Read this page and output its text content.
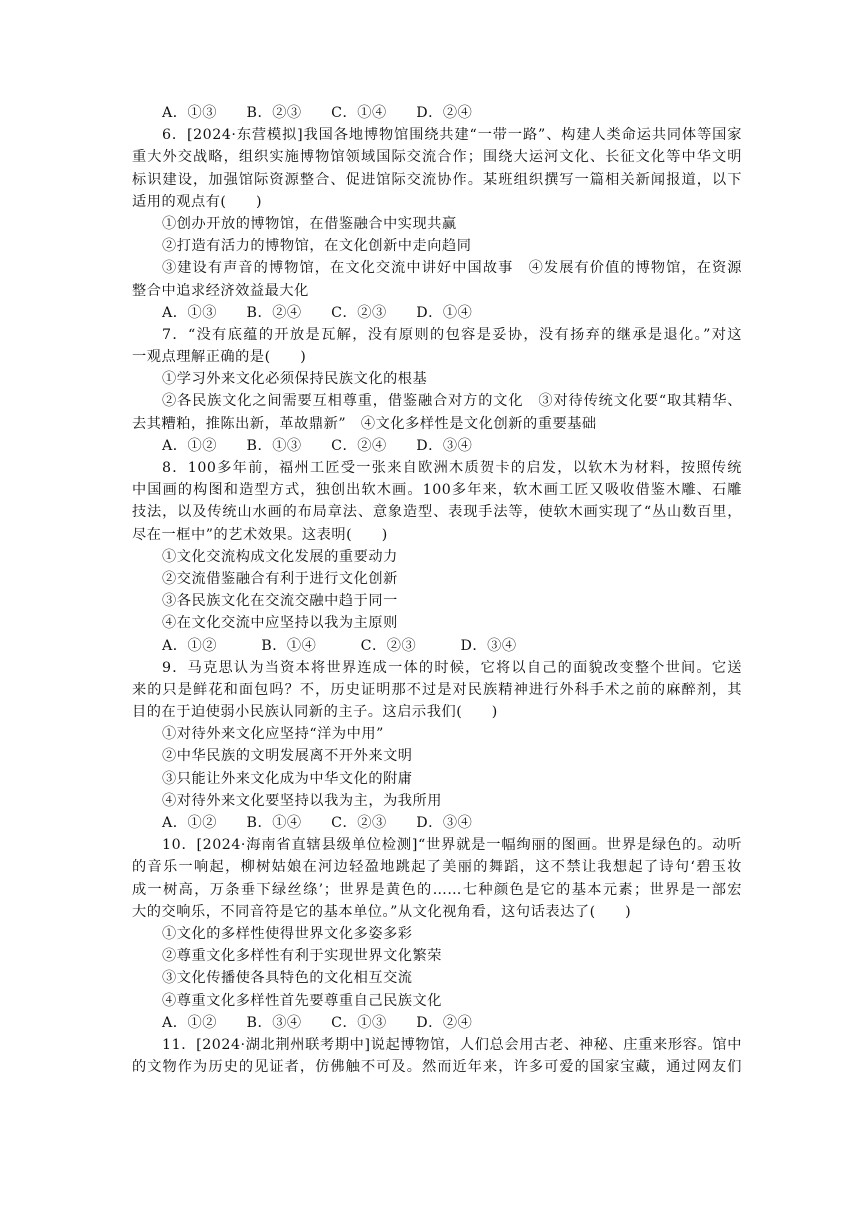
A．①③　　B．②③　　C．①④　　D．②④
6．[2024·东营模拟]我国各地博物馆围绕共建“一带一路”、构建人类命运共同体等国家
重大外交战略，组织实施博物馆领域国际交流合作；围绕大运河文化、长征文化等中华文明
标识建设，加强馆际资源整合、促进馆际交流协作。某班组织撰写一篇相关新闻报道，以下
适用的观点有(　　)
①创办开放的博物馆，在借鉴融合中实现共赢
②打造有活力的博物馆，在文化创新中走向趋同
③建设有声音的博物馆，在文化交流中讲好中国故事　④发展有价值的博物馆，在资源
整合中追求经济效益最大化
A．①③　　B．②④　　C．②③　　D．①④
7．“没有底蕴的开放是瓦解，没有原则的包容是妥协，没有扬弃的继承是退化。”对这
一观点理解正确的是(　　)
①学习外来文化必须保持民族文化的根基
②各民族文化之间需要互相尊重，借鉴融合对方的文化　③对待传统文化要“取其精华、
去其糟粕，推陈出新，革故鼎新”　④文化多样性是文化创新的重要基础
A．①②　　B．①③　　C．②④　　D．③④
8．100多年前，福州工匠受一张来自欧洲木质贺卡的启发，以软木为材料，按照传统
中国画的构图和造型方式，独创出软木画。100多年来，软木画工匠又吸收借鉴木雕、石雕
技法，以及传统山水画的布局章法、意象造型、表现手法等，使软木画实现了“丛山数百里，
尽在一框中”的艺术效果。这表明(　　)
①文化交流构成文化发展的重要动力
②交流借鉴融合有利于进行文化创新
③各民族文化在交流交融中趋于同一
④在文化交流中应坚持以我为主原则
A．①②　　　B．①④　　　C．②③　　　D．③④
9．马克思认为当资本将世界连成一体的时候，它将以自己的面貌改变整个世间。它送
来的只是鲜花和面包吗？不，历史证明那不过是对民族精神进行外科手术之前的麻醉剂，其
目的在于迫使弱小民族认同新的主子。这启示我们(　　)
①对待外来文化应坚持“洋为中用”
②中华民族的文明发展离不开外来文明
③只能让外来文化成为中华文化的附庸
④对待外来文化要坚持以我为主，为我所用
A．①②　　B．①④　　C．②③　　D．③④
10．[2024·海南省直辖县级单位检测]“世界就是一幅绚丽的图画。世界是绿色的。动听
的音乐一响起，柳树姑娘在河边轻盈地跳起了美丽的舞蹈，这不禁让我想起了诗句‘碧玉妆
成一树高，万条垂下绿丝绦’；世界是黄色的……七种颜色是它的基本元素；世界是一部宏
大的交响乐，不同音符是它的基本单位。”从文化视角看，这句话表达了(　　)
①文化的多样性使得世界文化多姿多彩
②尊重文化多样性有利于实现世界文化繁荣
③文化传播使各具特色的文化相互交流
④尊重文化多样性首先要尊重自己民族文化
A．①②　　B．③④　　C．①③　　D．②④
11．[2024·湖北荆州联考期中]说起博物馆，人们总会用古老、神秘、庄重来形容。馆中
的文物作为历史的见证者，仿佛触不可及。然而近年来，许多可爱的国家宝藏，通过网友们
